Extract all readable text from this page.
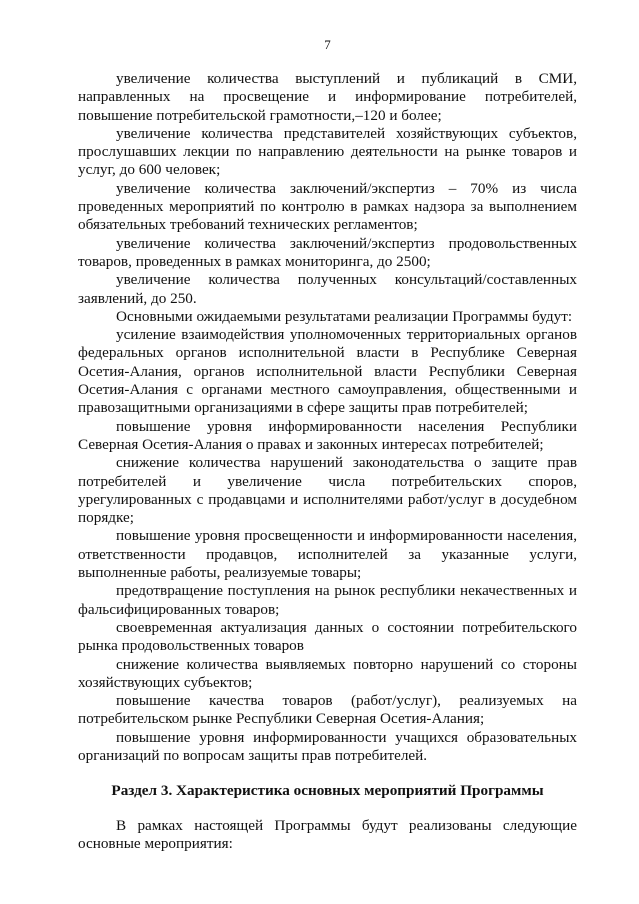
7

увеличение количества выступлений и публикаций в СМИ, направленных на просвещение и информирование потребителей, повышение потребительской грамотности,–120 и более;

увеличение количества представителей хозяйствующих субъектов, прослушавших лекции по направлению деятельности на рынке товаров и услуг, до 600 человек;

увеличение количества заключений/экспертиз – 70% из числа проведенных мероприятий по контролю в рамках надзора за выполнением обязательных требований технических регламентов;

увеличение количества заключений/экспертиз продовольственных товаров, проведенных в рамках мониторинга, до 2500;

увеличение количества полученных консультаций/составленных заявлений, до 250.

Основными ожидаемыми результатами реализации Программы будут:

усиление взаимодействия уполномоченных территориальных органов федеральных органов исполнительной власти в Республике Северная Осетия-Алания, органов исполнительной власти Республики Северная Осетия-Алания с органами местного самоуправления, общественными и правозащитными организациями в сфере защиты прав потребителей;

повышение уровня информированности населения Республики Северная Осетия-Алания о правах и законных интересах потребителей;

снижение количества нарушений законодательства о защите прав потребителей и увеличение числа потребительских споров, урегулированных с продавцами и исполнителями работ/услуг в досудебном порядке;

повышение уровня просвещенности и информированности населения, ответственности продавцов, исполнителей за указанные услуги, выполненные работы, реализуемые товары;

предотвращение поступления на рынок республики некачественных и фальсифицированных товаров;

своевременная актуализация данных о состоянии потребительского рынка продовольственных товаров

снижение количества выявляемых повторно нарушений со стороны хозяйствующих субъектов;

повышение качества товаров (работ/услуг), реализуемых на потребительском рынке Республики Северная Осетия-Алания;

повышение уровня информированности учащихся образовательных организаций по вопросам защиты прав потребителей.

Раздел 3. Характеристика основных мероприятий Программы

В рамках настоящей Программы будут реализованы следующие основные мероприятия:
